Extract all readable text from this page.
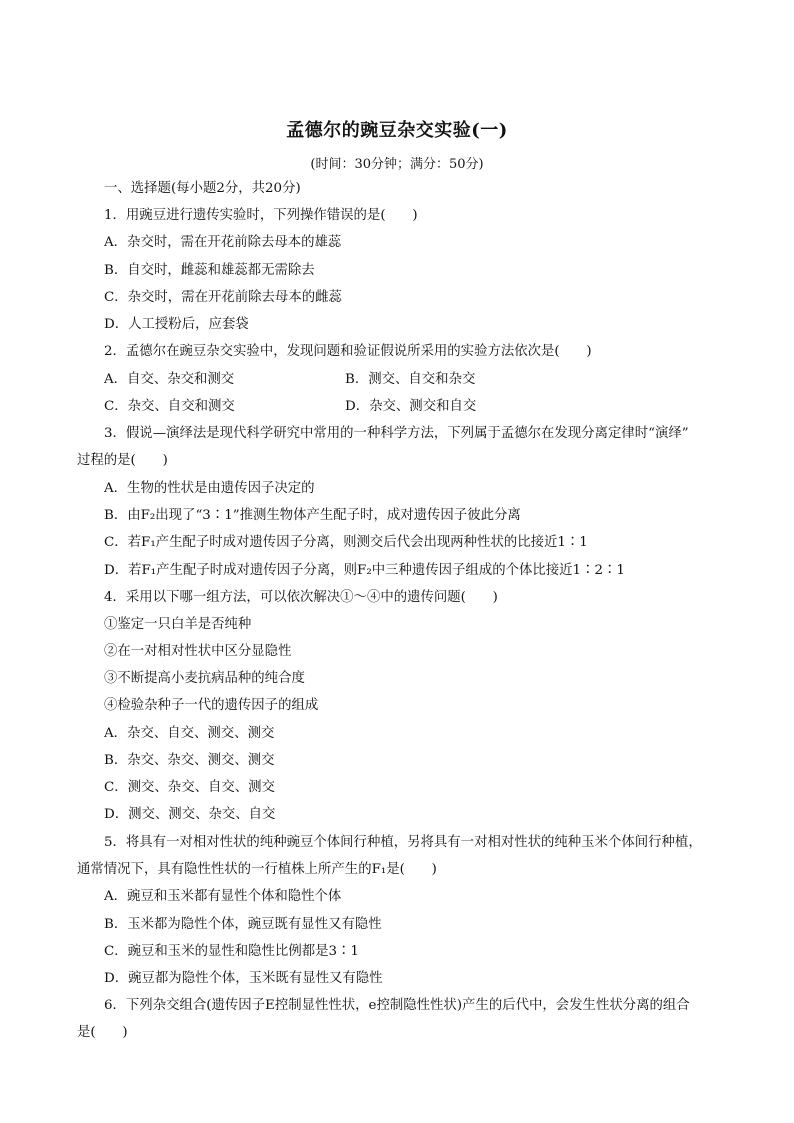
孟德尔的豌豆杂交实验(一)
(时间：30分钟；满分：50分)
一、选择题(每小题2分，共20分)
1．用豌豆进行遗传实验时，下列操作错误的是(　　)
A．杂交时，需在开花前除去母本的雄蕊
B．自交时，雌蕊和雄蕊都无需除去
C．杂交时，需在开花前除去母本的雌蕊
D．人工授粉后，应套袋
2．孟德尔在豌豆杂交实验中，发现问题和验证假说所采用的实验方法依次是(　　)
A．自交、杂交和测交	B．测交、自交和杂交
C．杂交、自交和测交	D．杂交、测交和自交
3．假说—演绎法是现代科学研究中常用的一种科学方法，下列属于孟德尔在发现分离定律时“演绎”
过程的是(　　)
A．生物的性状是由遗传因子决定的
B．由F₂出现了“3∶1”推测生物体产生配子时，成对遗传因子彼此分离
C．若F₁产生配子时成对遗传因子分离，则测交后代会出现两种性状的比接近1∶1
D．若F₁产生配子时成对遗传因子分离，则F₂中三种遗传因子组成的个体比接近1∶2∶1
4．采用以下哪一组方法，可以依次解决①～④中的遗传问题(　　)
①鉴定一只白羊是否纯种
②在一对相对性状中区分显隐性
③不断提高小麦抗病品种的纯合度
④检验杂种子一代的遗传因子的组成
A．杂交、自交、测交、测交
B．杂交、杂交、测交、测交
C．测交、杂交、自交、测交
D．测交、测交、杂交、自交
5．将具有一对相对性状的纯种豌豆个体间行种植，另将具有一对相对性状的纯种玉米个体间行种植，
通常情况下，具有隐性性状的一行植株上所产生的F₁是(　　)
A．豌豆和玉米都有显性个体和隐性个体
B．玉米都为隐性个体，豌豆既有显性又有隐性
C．豌豆和玉米的显性和隐性比例都是3∶1
D．豌豆都为隐性个体，玉米既有显性又有隐性
6．下列杂交组合(遗传因子E控制显性性状，e控制隐性性状)产生的后代中，会发生性状分离的组合
是(　　)
